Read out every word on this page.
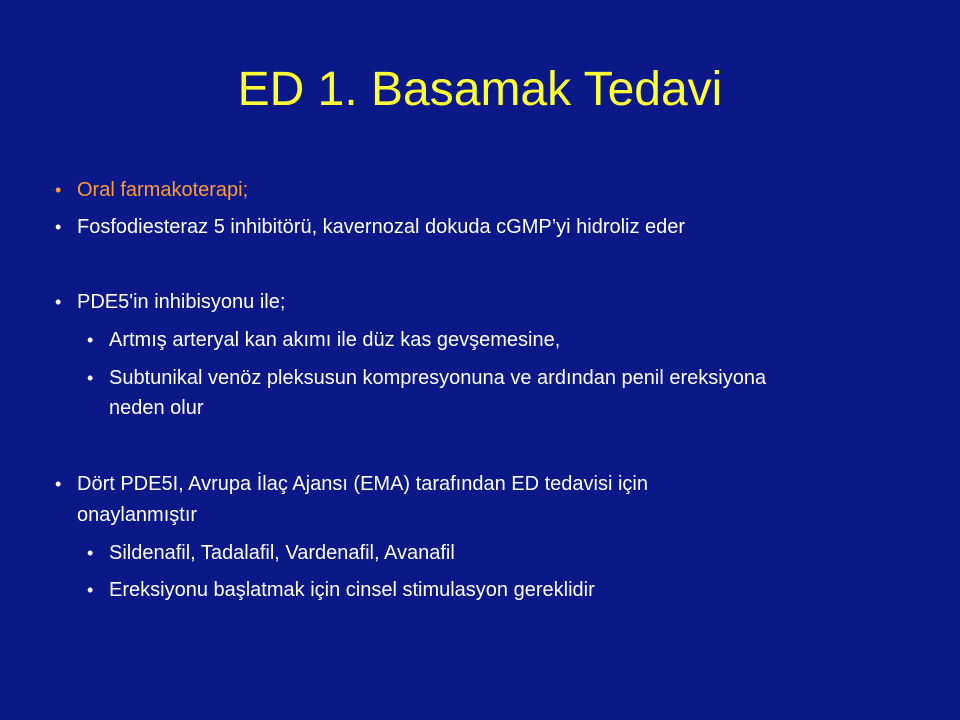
ED 1. Basamak Tedavi
• Oral farmakoterapi;
• Fosfodiesteraz 5 inhibitörü, kavernozal dokuda cGMP’yi hidroliz eder
• PDE5'in inhibisyonu ile;
• Artmış arteryal kan akımı ile düz kas gevşemesine,
• Subtunikal venöz pleksusun kompresyonuna ve ardından penil ereksiyona
neden olur
• Dört PDE5I, Avrupa İlaç Ajansı (EMA) tarafından ED tedavisi için
onaylanmıştır
• Sildenafil, Tadalafil, Vardenafil, Avanafil
• Ereksiyonu başlatmak için cinsel stimulasyon gereklidir
